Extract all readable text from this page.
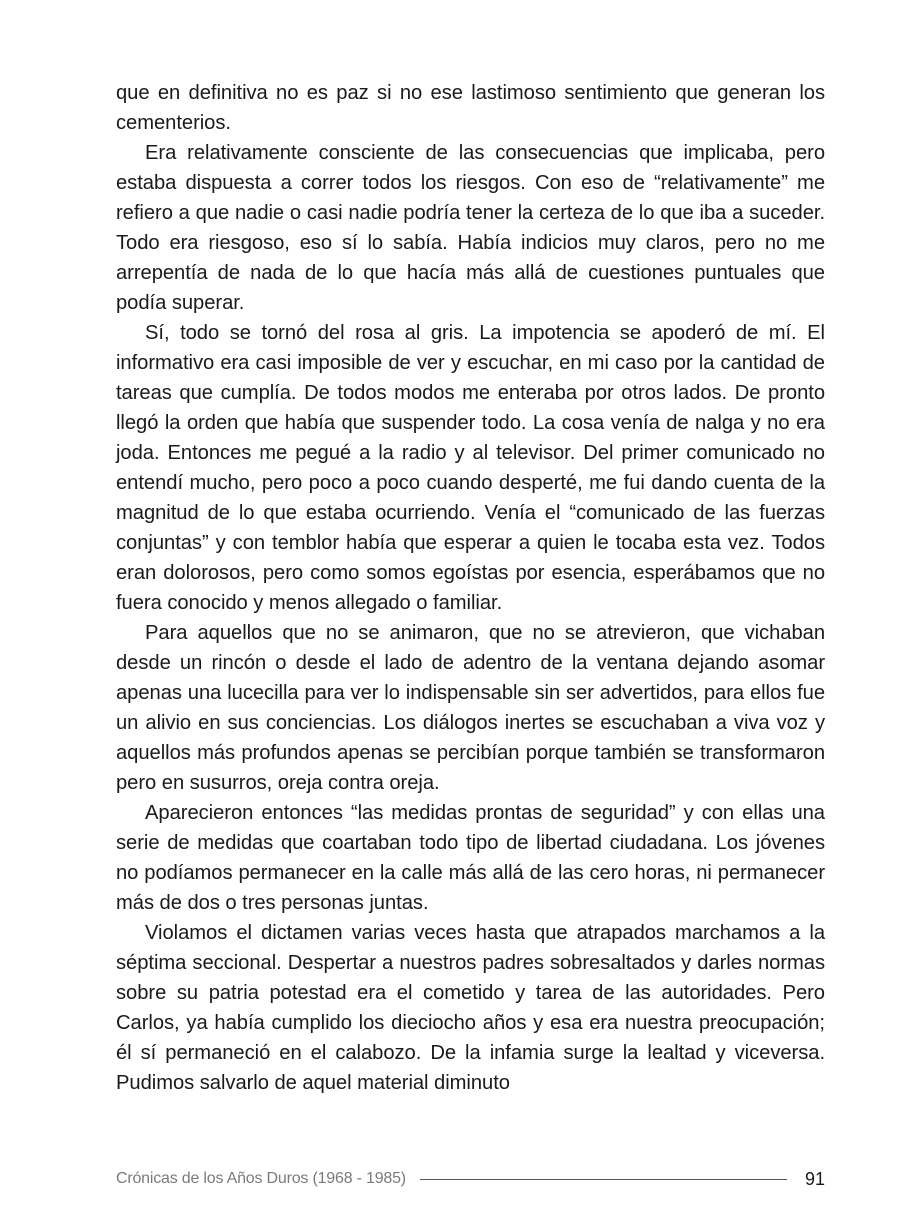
que en definitiva no es paz si no ese lastimoso sentimiento que generan los cementerios.

Era relativamente consciente de las consecuencias que implicaba, pero estaba dispuesta a correr todos los riesgos. Con eso de “relativamente” me refiero a que nadie o casi nadie podría tener la certeza de lo que iba a suceder. Todo era riesgoso, eso sí lo sabía. Había indicios muy claros, pero no me arrepentía de nada de lo que hacía más allá de cuestiones puntuales que podía superar.

Sí, todo se tornó del rosa al gris. La impotencia se apoderó de mí. El informativo era casi imposible de ver y escuchar, en mi caso por la cantidad de tareas que cumplía. De todos modos me enteraba por otros lados. De pronto llegó la orden que había que suspender todo. La cosa venía de nalga y no era joda. Entonces me pegué a la radio y al televisor. Del primer comunicado no entendí mucho, pero poco a poco cuando desperté, me fui dando cuenta de la magnitud de lo que estaba ocurriendo. Venía el “comunicado de las fuerzas conjuntas” y con temblor había que esperar a quien le tocaba esta vez. Todos eran dolorosos, pero como somos egoístas por esencia, esperábamos que no fuera conocido y menos allegado o familiar.

Para aquellos que no se animaron, que no se atrevieron, que vichaban desde un rincón o desde el lado de adentro de la ventana dejando asomar apenas una lucecilla para ver lo indispensable sin ser advertidos, para ellos fue un alivio en sus conciencias. Los diálogos inertes se escuchaban a viva voz y aquellos más profundos apenas se percibían porque también se transformaron pero en susurros, oreja contra oreja.

Aparecieron entonces “las medidas prontas de seguridad” y con ellas una serie de medidas que coartaban todo tipo de libertad ciudadana. Los jóvenes no podíamos permanecer en la calle más allá de las cero horas, ni permanecer más de dos o tres personas juntas.

Violamos el dictamen varias veces hasta que atrapados marchamos a la séptima seccional. Despertar a nuestros padres sobresaltados y darles normas sobre su patria potestad era el cometido y tarea de las autoridades. Pero Carlos, ya había cumplido los dieciocho años y esa era nuestra preocupación; él sí permaneció en el calabozo. De la infamia surge la lealtad y viceversa. Pudimos salvarlo de aquel material diminuto

Crónicas de los Años Duros (1968 - 1985)	91
